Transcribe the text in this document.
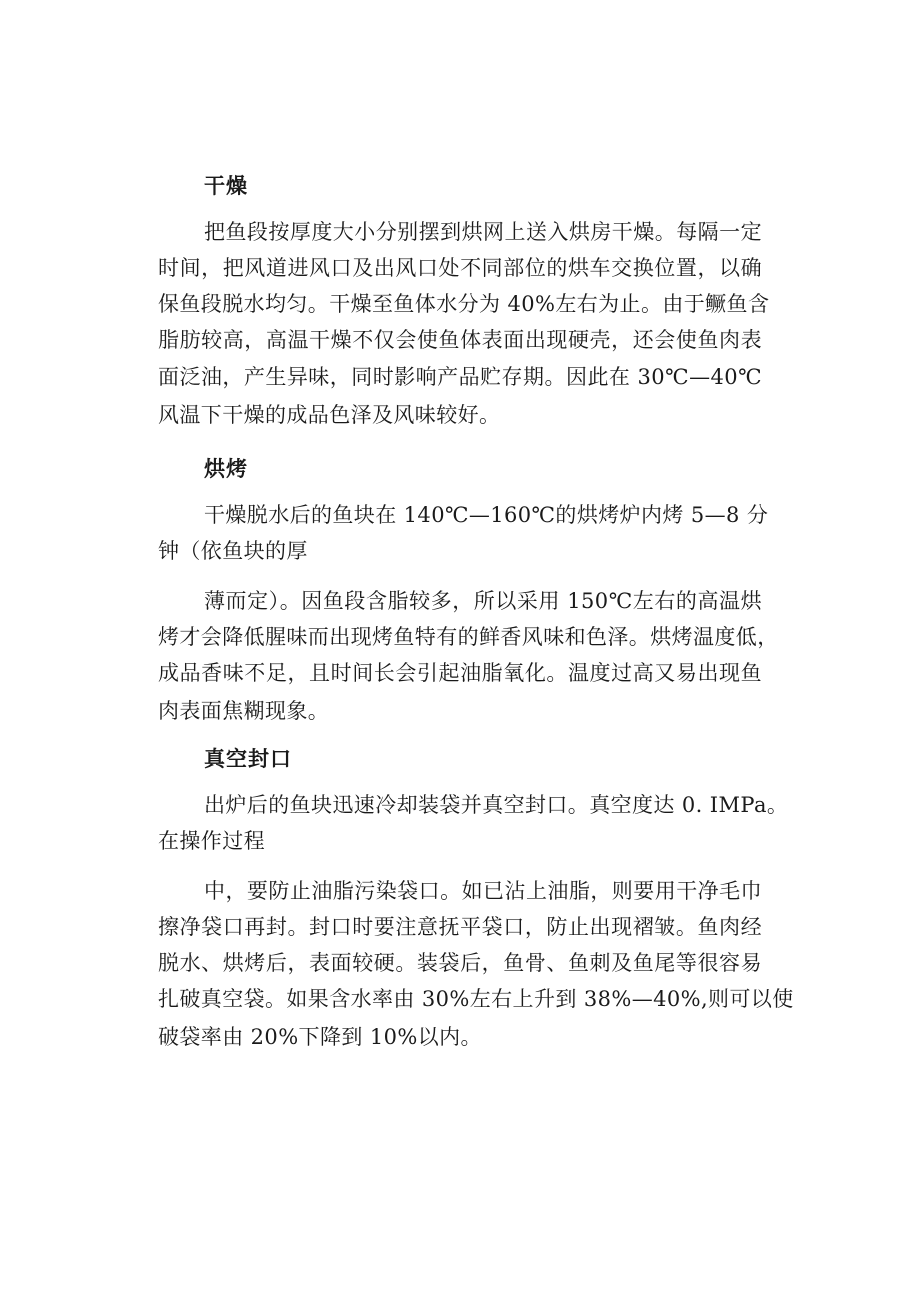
干燥
把鱼段按厚度大小分别摆到烘网上送入烘房干燥。每隔一定
时间，把风道进风口及出风口处不同部位的烘车交换位置，以确
保鱼段脱水均匀。干燥至鱼体水分为 40%左右为止。由于鳜鱼含
脂肪较高，高温干燥不仅会使鱼体表面出现硬壳，还会使鱼肉表
面泛油，产生异味，同时影响产品贮存期。因此在 30℃—40℃
风温下干燥的成品色泽及风味较好。
烘烤
干燥脱水后的鱼块在 140℃—160℃的烘烤炉内烤 5—8 分
钟（依鱼块的厚
薄而定）。因鱼段含脂较多，所以采用 150℃左右的高温烘
烤才会降低腥味而出现烤鱼特有的鲜香风味和色泽。烘烤温度低，
成品香味不足，且时间长会引起油脂氧化。温度过高又易出现鱼
肉表面焦糊现象。
真空封口
出炉后的鱼块迅速冷却装袋并真空封口。真空度达 0. IMPa。
在操作过程
中，要防止油脂污染袋口。如已沾上油脂，则要用干净毛巾
擦净袋口再封。封口时要注意抚平袋口，防止出现褶皱。鱼肉经
脱水、烘烤后，表面较硬。装袋后，鱼骨、鱼刺及鱼尾等很容易
扎破真空袋。如果含水率由 30%左右上升到 38%—40%,则可以使
破袋率由 20%下降到 10%以内。
